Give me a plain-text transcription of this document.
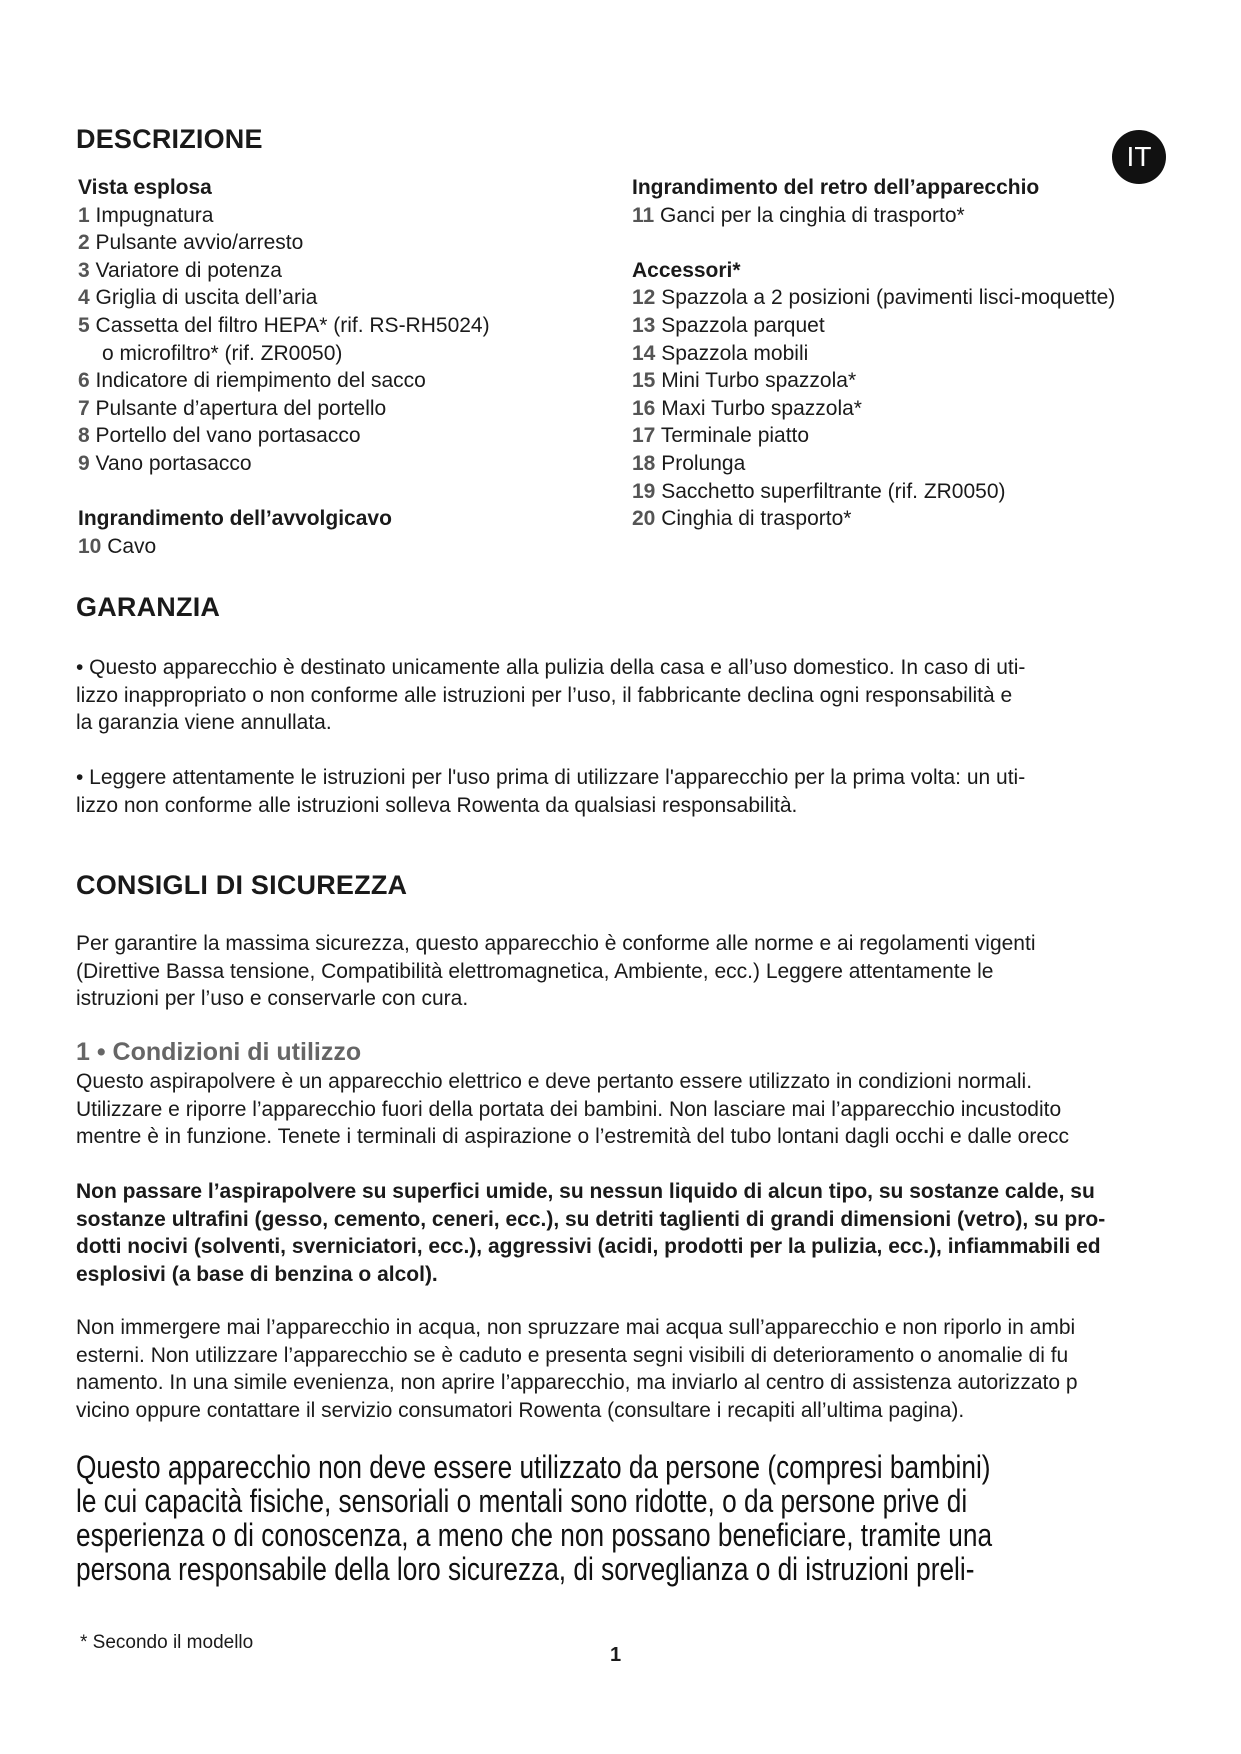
DESCRIZIONE
IT
Vista esplosa
1 Impugnatura
2 Pulsante avvio/arresto
3 Variatore di potenza
4 Griglia di uscita dell’aria
5 Cassetta del filtro HEPA* (rif. RS-RH5024)
o microfiltro* (rif. ZR0050)
6 Indicatore di riempimento del sacco
7 Pulsante d’apertura del portello
8 Portello del vano portasacco
9 Vano portasacco
Ingrandimento dell’avvolgicavo
10 Cavo
Ingrandimento del retro dell’apparecchio
11 Ganci per la cinghia di trasporto*
Accessori*
12 Spazzola a 2 posizioni (pavimenti lisci-moquette)
13 Spazzola parquet
14 Spazzola mobili
15 Mini Turbo spazzola*
16 Maxi Turbo spazzola*
17 Terminale piatto
18 Prolunga
19 Sacchetto superfiltrante (rif. ZR0050)
20 Cinghia di trasporto*
GARANZIA
• Questo apparecchio è destinato unicamente alla pulizia della casa e all’uso domestico. In caso di uti-
lizzo inappropriato o non conforme alle istruzioni per l’uso, il fabbricante declina ogni responsabilità e
la garanzia viene annullata.
• Leggere attentamente le istruzioni per l'uso prima di utilizzare l'apparecchio per la prima volta: un uti-
lizzo non conforme alle istruzioni solleva Rowenta da qualsiasi responsabilità.
CONSIGLI DI SICUREZZA
Per garantire la massima sicurezza, questo apparecchio è conforme alle norme e ai regolamenti vigenti
(Direttive Bassa tensione, Compatibilità elettromagnetica, Ambiente, ecc.) Leggere attentamente le
istruzioni per l’uso e conservarle con cura.
1 • Condizioni di utilizzo
Questo aspirapolvere è un apparecchio elettrico e deve pertanto essere utilizzato in condizioni normali.
Utilizzare e riporre l’apparecchio fuori della portata dei bambini. Non lasciare mai l’apparecchio incustodito
mentre è in funzione. Tenete i terminali di aspirazione o l’estremità del tubo lontani dagli occhi e dalle orecc
Non passare l’aspirapolvere su superfici umide, su nessun liquido di alcun tipo, su sostanze calde, su
sostanze ultrafini (gesso, cemento, ceneri, ecc.), su detriti taglienti di grandi dimensioni (vetro), su pro-
dotti nocivi (solventi, sverniciatori, ecc.), aggressivi (acidi, prodotti per la pulizia, ecc.), infiammabili ed
esplosivi (a base di benzina o alcol).
Non immergere mai l’apparecchio in acqua, non spruzzare mai acqua sull’apparecchio e non riporlo in ambi
esterni. Non utilizzare l’apparecchio se è caduto e presenta segni visibili di deterioramento o anomalie di fu
namento. In una simile evenienza, non aprire l’apparecchio, ma inviarlo al centro di assistenza autorizzato p
vicino oppure contattare il servizio consumatori Rowenta (consultare i recapiti all’ultima pagina).
Questo apparecchio non deve essere utilizzato da persone (compresi bambini)
le cui capacità fisiche, sensoriali o mentali sono ridotte, o da persone prive di
esperienza o di conoscenza, a meno che non possano beneficiare, tramite una
persona responsabile della loro sicurezza, di sorveglianza o di istruzioni preli-
* Secondo il modello
1
